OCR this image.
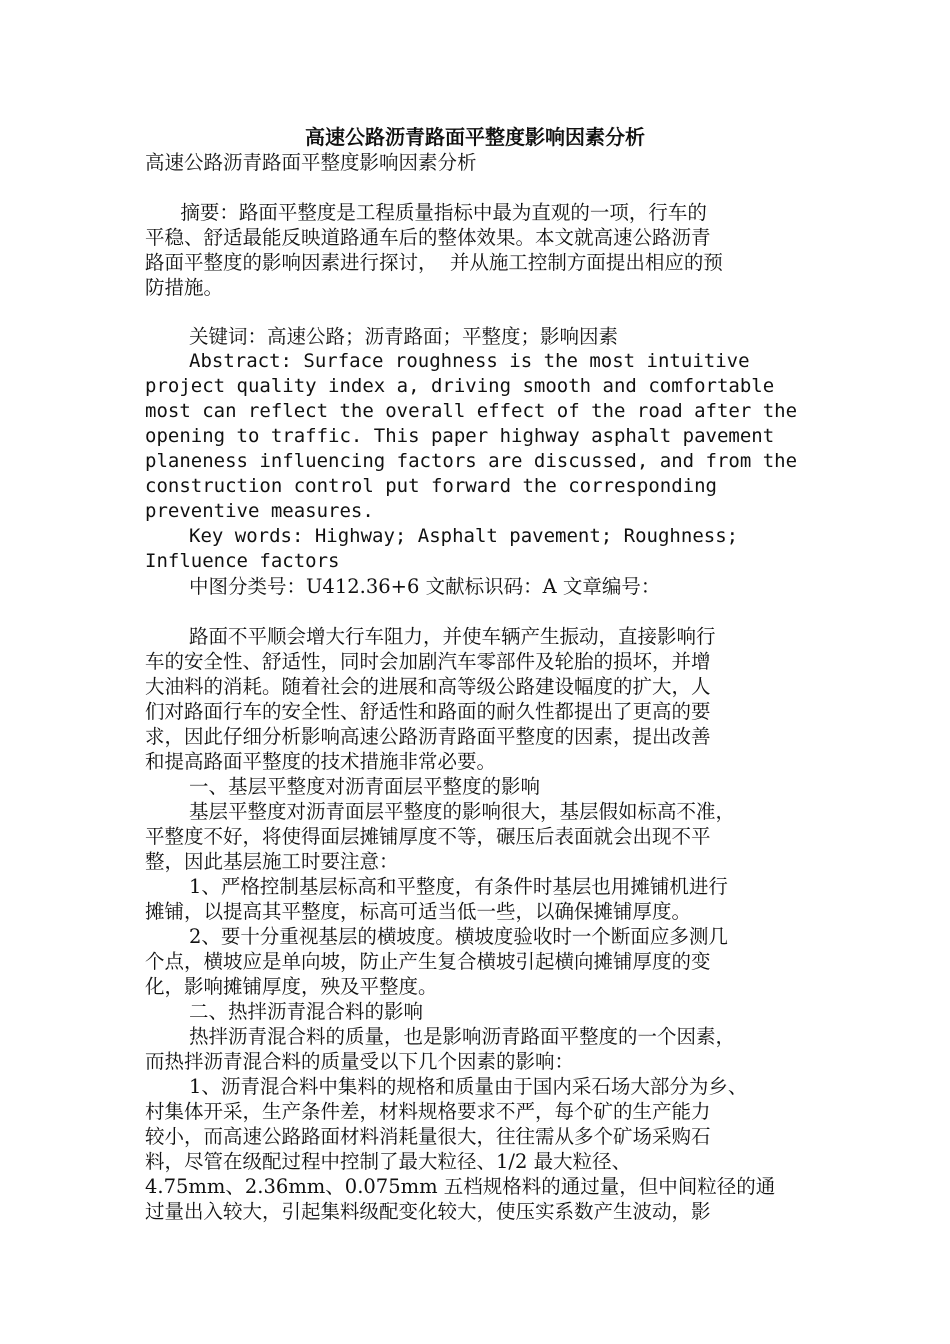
高速公路沥青路面平整度影响因素分析
高速公路沥青路面平整度影响因素分析
摘要：路面平整度是工程质量指标中最为直观的一项，行车的
平稳、舒适最能反映道路通车后的整体效果。本文就高速公路沥青
路面平整度的影响因素进行探讨，  并从施工控制方面提出相应的预
防措施。
关键词：高速公路；沥青路面；平整度；影响因素
Abstract: Surface roughness is the most intuitive
project quality index a, driving smooth and comfortable
most can reflect the overall effect of the road after the
opening to traffic. This paper highway asphalt pavement
planeness influencing factors are discussed, and from the
construction control put forward the corresponding
preventive measures.
Key words: Highway; Asphalt pavement; Roughness;
Influence factors
中图分类号：U412.36+6 文献标识码：A 文章编号：
路面不平顺会增大行车阻力，并使车辆产生振动，直接影响行
车的安全性、舒适性，同时会加剧汽车零部件及轮胎的损坏，并增
大油料的消耗。随着社会的进展和高等级公路建设幅度的扩大，人
们对路面行车的安全性、舒适性和路面的耐久性都提出了更高的要
求，因此仔细分析影响高速公路沥青路面平整度的因素，提出改善
和提高路面平整度的技术措施非常必要。
一、基层平整度对沥青面层平整度的影响
基层平整度对沥青面层平整度的影响很大，基层假如标高不准，
平整度不好，将使得面层摊铺厚度不等，碾压后表面就会出现不平
整，因此基层施工时要注意：
1、严格控制基层标高和平整度，有条件时基层也用摊铺机进行
摊铺，以提高其平整度，标高可适当低一些，以确保摊铺厚度。
2、要十分重视基层的横坡度。横坡度验收时一个断面应多测几
个点，横坡应是单向坡，防止产生复合横坡引起横向摊铺厚度的变
化，影响摊铺厚度，殃及平整度。
二、热拌沥青混合料的影响
热拌沥青混合料的质量，也是影响沥青路面平整度的一个因素，
而热拌沥青混合料的质量受以下几个因素的影响：
1、沥青混合料中集料的规格和质量由于国内采石场大部分为乡、
村集体开采，生产条件差，材料规格要求不严，每个矿的生产能力
较小，而高速公路路面材料消耗量很大，往往需从多个矿场采购石
料，尽管在级配过程中控制了最大粒径、1/2 最大粒径、
4.75mm、2.36mm、0.075mm 五档规格料的通过量，但中间粒径的通
过量出入较大，引起集料级配变化较大，使压实系数产生波动，影
